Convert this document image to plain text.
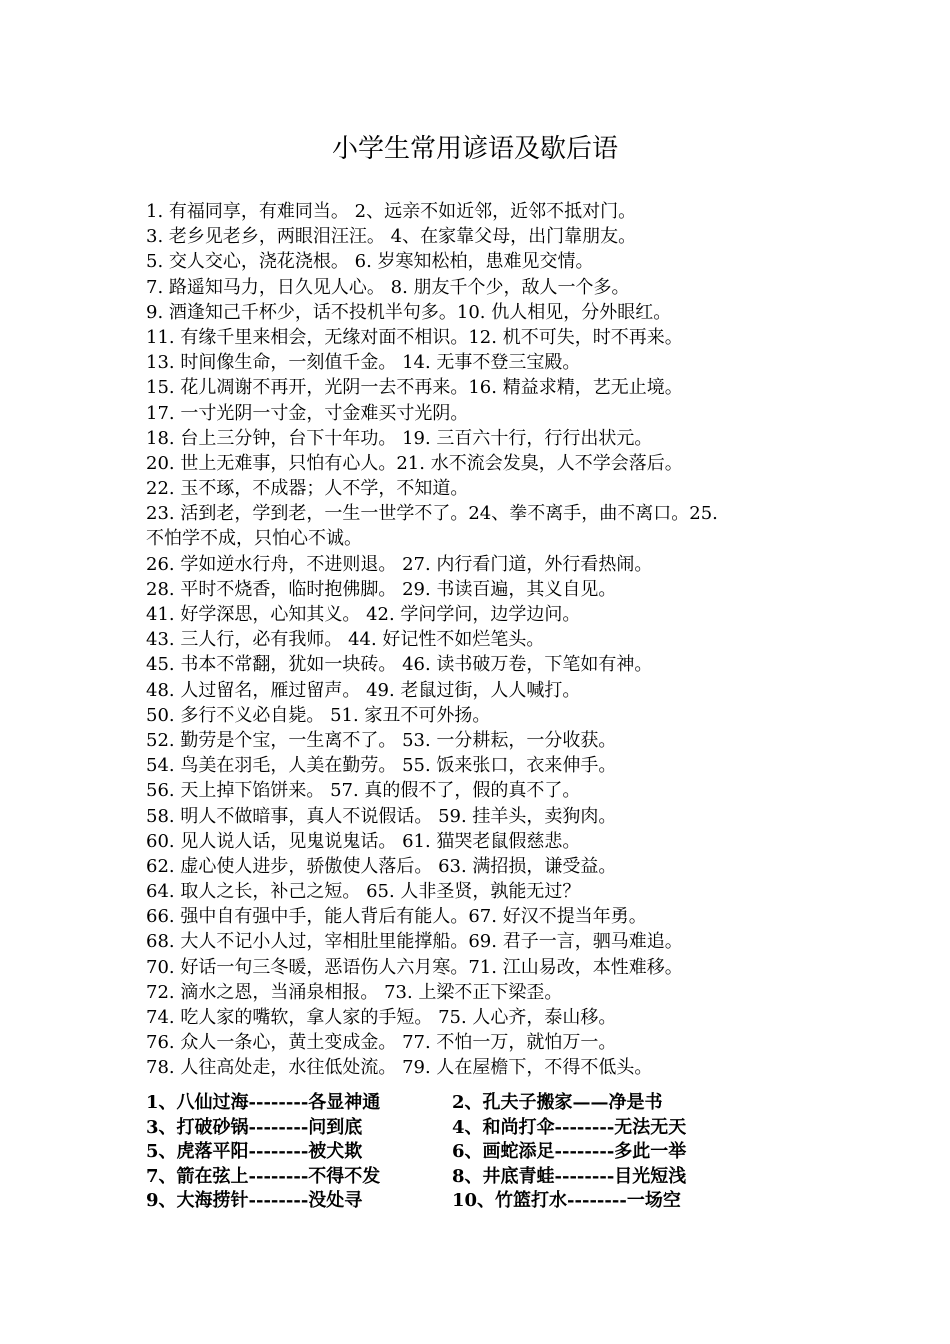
小学生常用谚语及歇后语
1. 有福同享，有难同当。 2、远亲不如近邻，近邻不抵对门。
3. 老乡见老乡，两眼泪汪汪。 4、在家靠父母，出门靠朋友。
5. 交人交心，浇花浇根。 6. 岁寒知松柏，患难见交情。
7. 路遥知马力，日久见人心。 8. 朋友千个少，敌人一个多。
9. 酒逢知己千杯少，话不投机半句多。10. 仇人相见，分外眼红。
11. 有缘千里来相会，无缘对面不相识。12. 机不可失，时不再来。
13. 时间像生命，一刻值千金。 14. 无事不登三宝殿。
15. 花儿凋谢不再开，光阴一去不再来。16. 精益求精，艺无止境。
17. 一寸光阴一寸金，寸金难买寸光阴。
18. 台上三分钟，台下十年功。 19. 三百六十行，行行出状元。
20. 世上无难事，只怕有心人。21. 水不流会发臭，人不学会落后。
22. 玉不琢，不成器；人不学，不知道。
23. 活到老，学到老，一生一世学不了。24、拳不离手，曲不离口。25.
不怕学不成，只怕心不诚。
26. 学如逆水行舟，不进则退。 27. 内行看门道，外行看热闹。
28. 平时不烧香，临时抱佛脚。 29. 书读百遍，其义自见。
41. 好学深思，心知其义。 42. 学问学问，边学边问。
43. 三人行，必有我师。 44. 好记性不如烂笔头。
45. 书本不常翻，犹如一块砖。 46. 读书破万卷，下笔如有神。
48. 人过留名，雁过留声。 49. 老鼠过街，人人喊打。
50. 多行不义必自毙。 51. 家丑不可外扬。
52. 勤劳是个宝，一生离不了。 53. 一分耕耘，一分收获。
54. 鸟美在羽毛，人美在勤劳。 55. 饭来张口，衣来伸手。
56. 天上掉下馅饼来。 57. 真的假不了，假的真不了。
58. 明人不做暗事，真人不说假话。 59. 挂羊头，卖狗肉。
60. 见人说人话，见鬼说鬼话。 61. 猫哭老鼠假慈悲。
62. 虚心使人进步，骄傲使人落后。 63. 满招损，谦受益。
64. 取人之长，补己之短。 65. 人非圣贤，孰能无过？
66. 强中自有强中手，能人背后有能人。67. 好汉不提当年勇。
68. 大人不记小人过，宰相肚里能撑船。69. 君子一言，驷马难追。
70. 好话一句三冬暖，恶语伤人六月寒。71. 江山易改，本性难移。
72. 滴水之恩，当涌泉相报。 73. 上梁不正下梁歪。
74. 吃人家的嘴软，拿人家的手短。 75. 人心齐，泰山移。
76. 众人一条心，黄土变成金。 77. 不怕一万，就怕万一。
78. 人往高处走，水往低处流。 79. 人在屋檐下，不得不低头。
1、八仙过海--------各显神通	2、孔夫子搬家——净是书
3、打破砂锅--------问到底	4、和尚打伞--------无法无天
5、虎落平阳--------被犬欺	6、画蛇添足--------多此一举
7、箭在弦上--------不得不发	8、井底青蛙--------目光短浅
9、大海捞针--------没处寻	10、竹篮打水--------一场空
